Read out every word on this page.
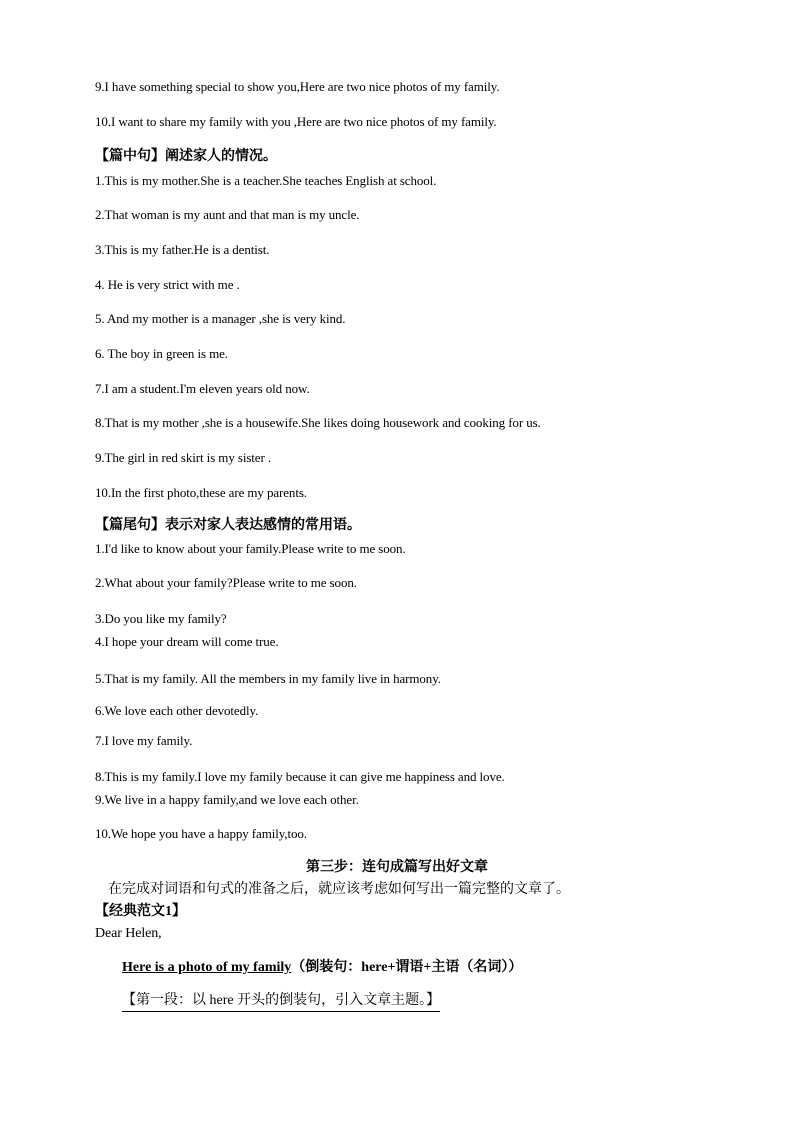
9.I have something special to show you,Here are two nice photos of my family.
10.I want to share my family with you ,Here are two nice photos of my family.
【篇中句】阐述家人的情况。
1.This is my mother.She is a teacher.She teaches English at school.
2.That woman is my aunt and that man is my uncle.
3.This is my father.He is a dentist.
4. He is very strict with me .
5. And my mother is a manager ,she is very kind.
6. The boy in green is me.
7.I am a student.I'm eleven years old now.
8.That is my mother ,she is a housewife.She likes doing housework and cooking for us.
9.The girl in red skirt is my sister .
10.In the first photo,these are my parents.
【篇尾句】表示对家人表达感情的常用语。
1.I'd like to know about your family.Please write to me soon.
2.What about your family?Please write to me soon.
3.Do you like my family?
4.I hope your dream will come true.
5.That is my family. All the members in my family live in harmony.
6.We love each other devotedly.
7.I love my family.
8.This is my family.I love my family because it can give me happiness and love.
9.We live in a happy family,and we love each other.
10.We hope you have a happy family,too.
第三步：连句成篇写出好文章
在完成对词语和句式的准备之后，就应该考虑如何写出一篇完整的文章了。
【经典范文1】
Dear Helen,
Here is a photo of my family（倒装句：here+谓语+主语（名词））
【第一段：以 here 开头的倒装句，引入文章主题。】
